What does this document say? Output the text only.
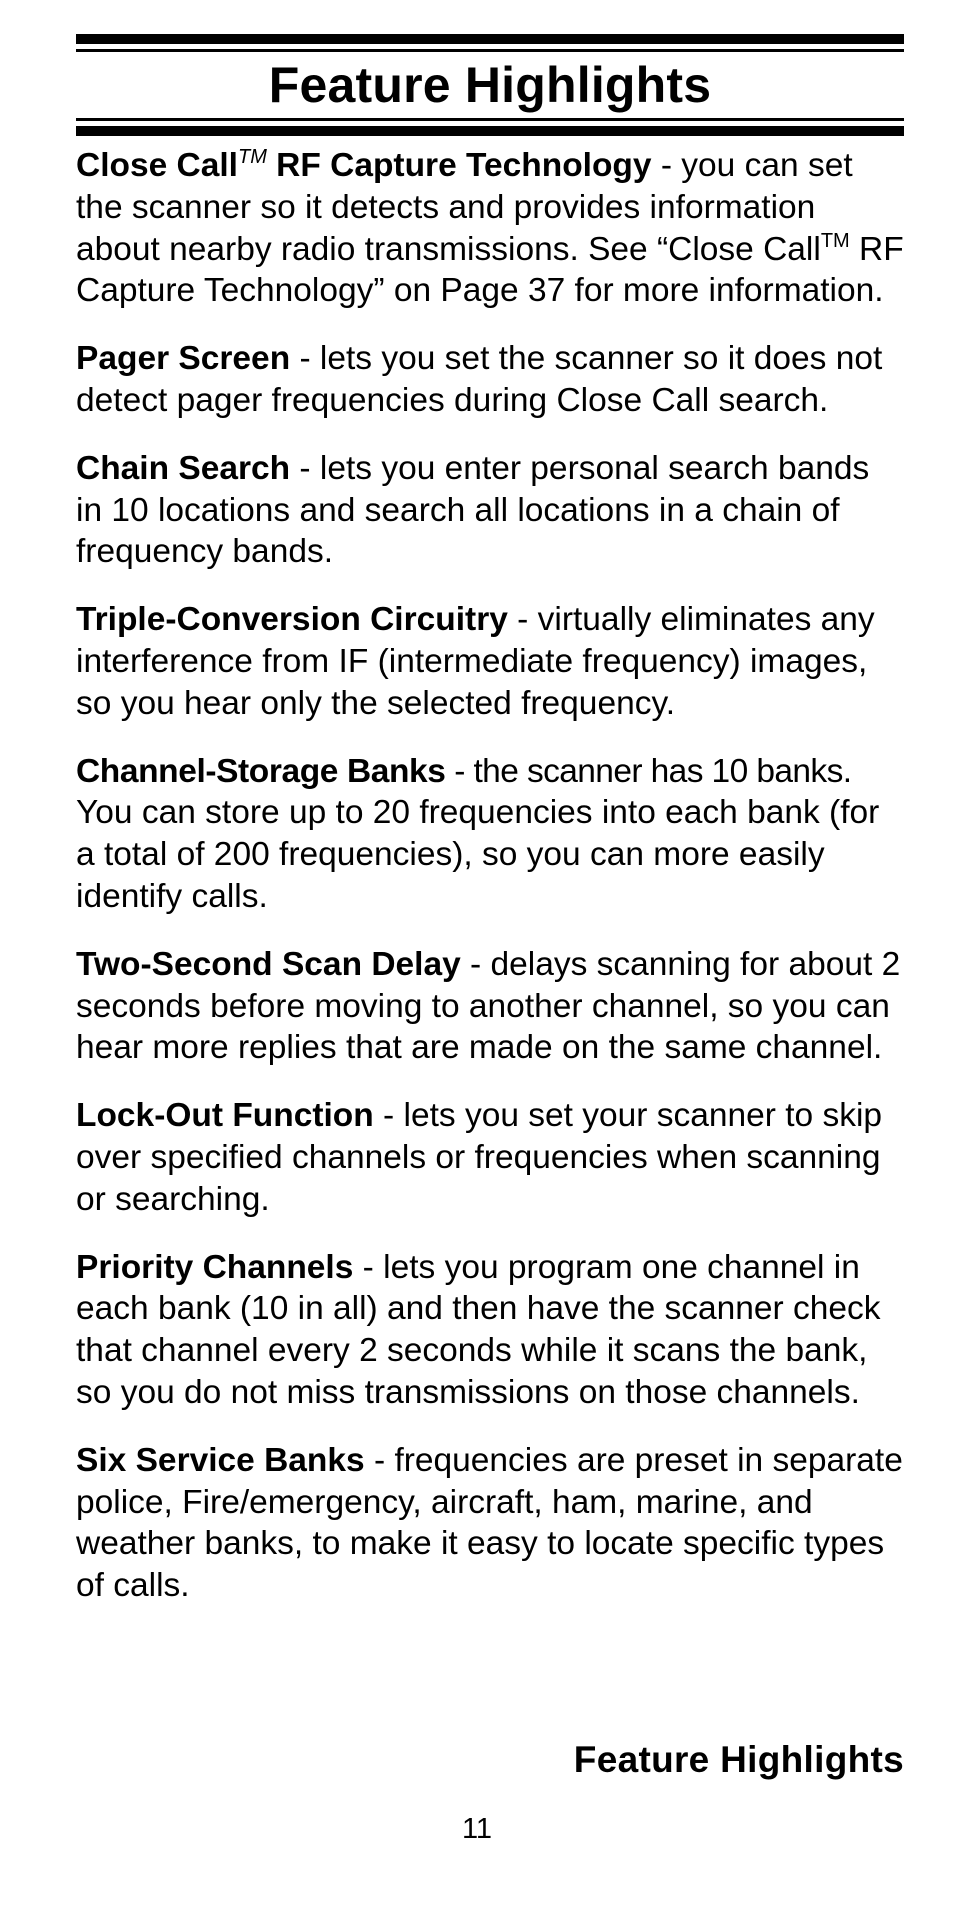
Feature Highlights

Close Call™ RF Capture Technology - you can set the scanner so it detects and provides information about nearby radio transmissions. See “Close Call™ RF Capture Technology” on Page 37 for more information.

Pager Screen - lets you set the scanner so it does not detect pager frequencies during Close Call search.

Chain Search - lets you enter personal search bands in 10 locations and search all locations in a chain of frequency bands.

Triple-Conversion Circuitry - virtually eliminates any interference from IF (intermediate frequency) images, so you hear only the selected frequency.

Channel-Storage Banks - the scanner has 10 banks. You can store up to 20 frequencies into each bank (for a total of 200 frequencies), so you can more easily identify calls.

Two-Second Scan Delay - delays scanning for about 2 seconds before moving to another channel, so you can hear more replies that are made on the same channel.

Lock-Out Function - lets you set your scanner to skip over specified channels or frequencies when scanning or searching.

Priority Channels - lets you program one channel in each bank (10 in all) and then have the scanner check that channel every 2 seconds while it scans the bank, so you do not miss transmissions on those channels.

Six Service Banks - frequencies are preset in separate police, Fire/emergency, aircraft, ham, marine, and weather banks, to make it easy to locate specific types of calls.

Feature Highlights
11
